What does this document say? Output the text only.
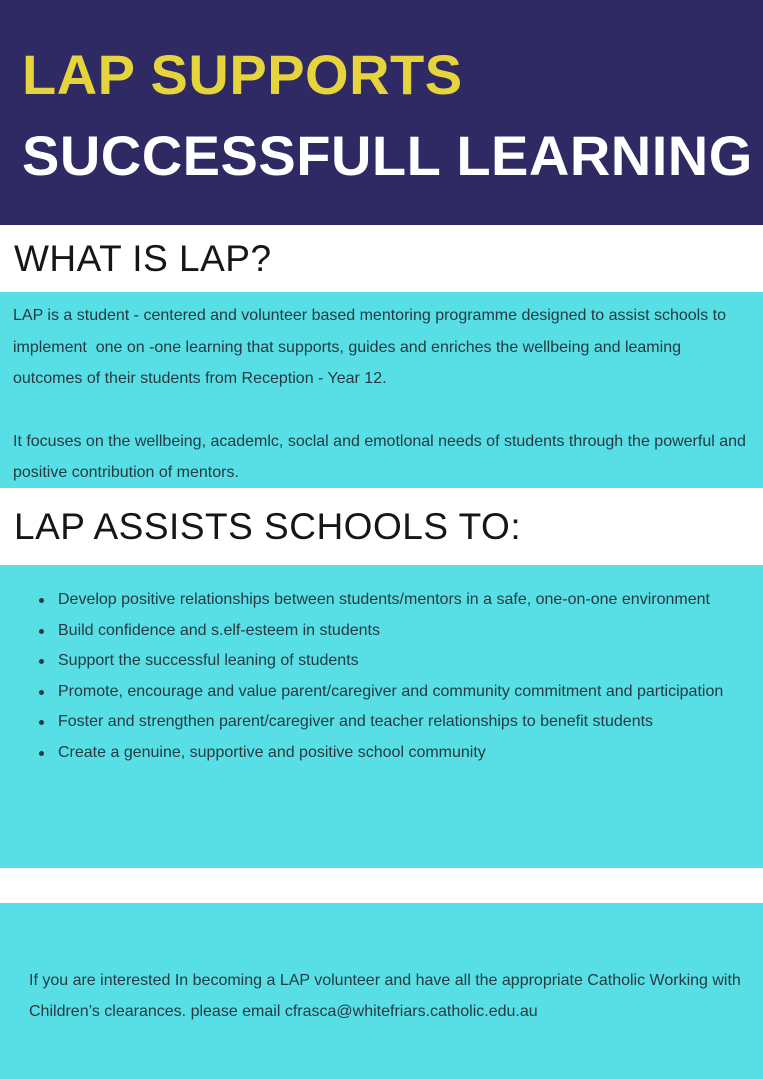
LAP SUPPORTS
SUCCESSFULL LEARNING
WHAT IS LAP?

LAP is a student - centered and volunteer based mentoring programme designed to assist schools to implement  one on -one learning that supports, guides and enriches the wellbeing and leaming outcomes of their students from Reception - Year 12.

It focuses on the wellbeing, academlc, soclal and emotlonal needs of students through the powerful and positive contribution of mentors.

LAP ASSISTS SCHOOLS TO:
Develop positive relationships between students/mentors in a safe, one-on-one environment
Build confidence and s.elf-esteem in students
Support the successful leaning of students
Promote, encourage and value parent/caregiver and community commitment and participation
Foster and strengthen parent/caregiver and teacher relationships to benefit students
Create a genuine, supportive and positive school community

If you are interested In becoming a LAP volunteer and have all the appropriate Catholic Working with Children’s clearances. please email cfrasca@whitefriars.catholic.edu.au
